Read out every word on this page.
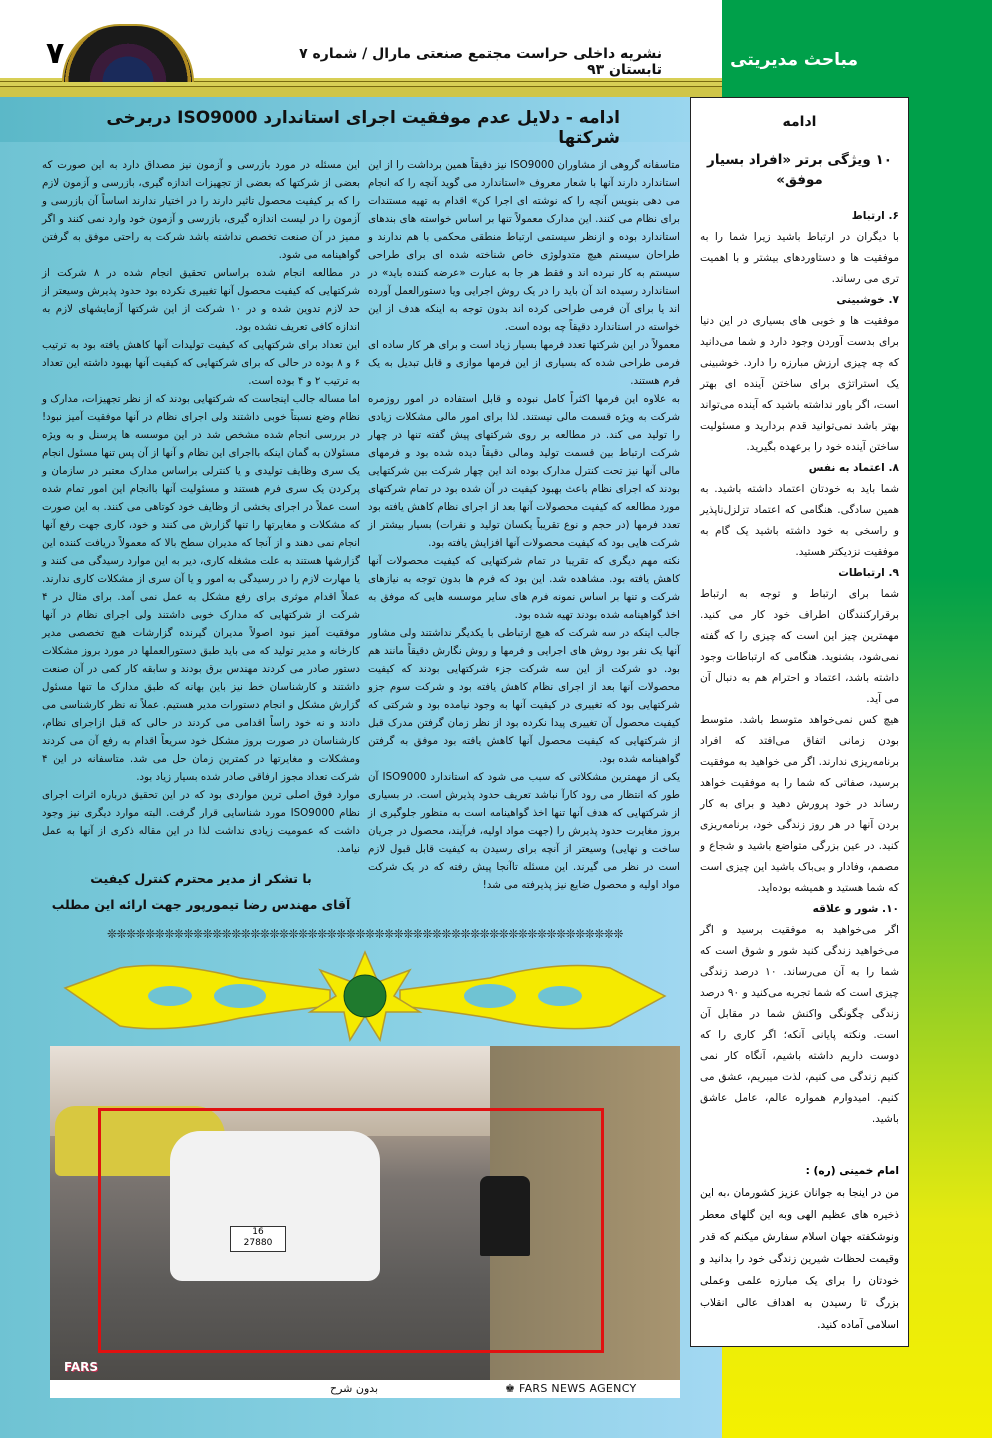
۷	نشریه داخلی حراست مجتمع صنعتی مارال / شماره ۷ تابستان ۹۳	مباحث مدیریتی
ادامه - دلایل عدم موفقیت اجرای استاندارد ISO9000 دربرخی شرکتها

متاسفانه گروهی از مشاوران ISO9000 نیز دقیقاً همین برداشت را از این استاندارد دارند آنها با شعار معروف «استاندارد می گوید آنچه را که انجام می دهی بنویس آنچه را که نوشته ای اجرا کن» اقدام به تهیه مستندات برای نظام می کنند. این مدارک معمولاً تنها بر اساس خواسته های بندهای استاندارد بوده و ازنظر سیستمی ارتباط منطقی محکمی با هم ندارند و طراحان سیستم هیچ متدولوژی خاص شناخته شده ای برای طراحی سیستم به کار نبرده اند و فقط هر جا به عبارت «عرضه کننده باید» در استاندارد رسیده اند آن باید را در یک روش اجرایی ویا دستورالعمل آورده اند یا برای آن فرمی طراحی کرده اند بدون توجه به اینکه هدف از این خواسته در استاندارد دقیقاً چه بوده است.

معمولاً در این شرکتها تعدد فرمها بسیار زیاد است و برای هر کار ساده ای فرمی طراحی شده که بسیاری از این فرمها موازی و قابل تبدیل به یک فرم هستند.

به علاوه این فرمها اکثراً کامل نبوده و قابل استفاده در امور روزمره شرکت به ویژه قسمت مالی نیستند. لذا برای امور مالی مشکلات زیادی را تولید می کند. در مطالعه بر روی شرکتهای پیش گفته تنها در چهار شرکت ارتباط بین قسمت تولید ومالی دقیقاً دیده شده بود و فرمهای مالی آنها نیز تحت کنترل مدارک بوده اند این چهار شرکت بین شرکتهایی بودند که اجرای نظام باعث بهبود کیفیت در آن شده بود در تمام شرکتهای مورد مطالعه که کیفیت محصولات آنها بعد از اجرای نظام کاهش یافته بود تعدد فرمها (در حجم و نوع تقریباً یکسان تولید و نفرات) بسیار بیشتر از شرکت هایی بود که کیفیت محصولات آنها افزایش یافته بود.

نکته مهم دیگری که تقریبا در تمام شرکتهایی که کیفیت محصولات آنها کاهش یافته بود. مشاهده شد. این بود که فرم ها بدون توجه به نیازهای شرکت و تنها بر اساس نمونه فرم های سایر موسسه هایی که موفق به اخذ گواهینامه شده بودند تهیه شده بود.

جالب اینکه در سه شرکت که هیچ ارتباطی با یکدیگر نداشتند ولی مشاور آنها یک نفر بود روش های اجرایی و فرمها و روش نگارش دقیقاً مانند هم بود. دو شرکت از این سه شرکت جزء شرکتهایی بودند که کیفیت محصولات آنها بعد از اجرای نظام کاهش یافته بود و شرکت سوم جزو شرکتهایی بود که تغییری در کیفیت آنها به وجود نیامده بود و شرکتی که کیفیت محصول آن تغییری پیدا نکرده بود از نظر زمان گرفتن مدرک قبل از شرکتهایی که کیفیت محصول آنها کاهش یافته بود موفق به گرفتن گواهینامه شده بود.

یکی از مهمترین مشکلاتی که سبب می شود که استاندارد ISO9000 آن طور که انتظار می رود کارآ نباشد تعریف حدود پذیرش است. در بسیاری از شرکتهایی که هدف آنها تنها اخذ گواهینامه است به منظور جلوگیری از بروز مغایرت حدود پذیرش را (جهت مواد اولیه، فرآیند، محصول در جریان ساخت و نهایی) وسیعتر از آنچه برای رسیدن به کیفیت قابل قبول لازم است در نظر می گیرند. این مسئله تاآنجا پیش رفته که در یک شرکت مواد اولیه و محصول ضایع نیز پذیرفته می شد!

این مسئله در مورد بازرسی و آزمون نیز مصداق دارد به این صورت که بعضی از شرکتها که بعضی از تجهیزات اندازه گیری، بازرسی و آزمون لازم را که بر کیفیت محصول تاثیر دارند را در اختیار ندارند اساساً آن بازرسی و آزمون را در لیست اندازه گیری، بازرسی و آزمون خود وارد نمی کنند و اگر ممیز در آن صنعت تخصص نداشته باشد شرکت به راحتی موفق به گرفتن گواهینامه می شود.

در مطالعه انجام شده براساس تحقیق انجام شده در ۸ شرکت از شرکتهایی که کیفیت محصول آنها تغییری نکرده بود حدود پذیرش وسیعتر از حد لازم تدوین شده و در ۱۰ شرکت از این شرکتها آزمایشهای لازم به اندازه کافی تعریف نشده بود.

این تعداد برای شرکتهایی که کیفیت تولیدات آنها کاهش یافته بود به ترتیب ۶ و ۸ بوده در حالی که برای شرکتهایی که کیفیت آنها بهبود داشته این تعداد به ترتیب ۲ و ۴ بوده است.

اما مساله جالب اینجاست که شرکتهایی بودند که از نظر تجهیزات، مدارک و نظام وضع نسبتاً خوبی داشتند ولی اجرای نظام در آنها موفقیت آمیز نبود! در بررسی انجام شده مشخص شد در این موسسه ها پرسنل و به ویژه مسئولان به گمان اینکه بااجرای این نظام و آنها از آن پس تنها مسئول انجام یک سری وظایف تولیدی و یا کنترلی براساس مدارک معتبر در سازمان و پرکردن یک سری فرم هستند و مسئولیت آنها باانجام این امور تمام شده است عملاً در اجرای بخشی از وظایف خود کوتاهی می کنند. به این صورت که مشکلات و مغایرتها را تنها گزارش می کنند و خود، کاری جهت رفع آنها انجام نمی دهند و از آنجا که مدیران سطح بالا که معمولاً دریافت کننده این گزارشها هستند به علت مشغله کاری، دیر به این موارد رسیدگی می کنند و یا مهارت لازم را در رسیدگی به امور و یا آن سری از مشکلات کاری ندارند. عملاً اقدام موثری برای رفع مشکل به عمل نمی آمد. برای مثال در ۴ شرکت از شرکتهایی که مدارک خوبی داشتند ولی اجرای نظام در آنها موفقیت آمیز نبود اصولاً مدیران گیرنده گزارشات هیچ تخصصی مدیر کارخانه و مدیر تولید که می باید طبق دستورالعملها در مورد بروز مشکلات دستور صادر می کردند مهندس برق بودند و سابقه کار کمی در آن صنعت داشتند و کارشناسان خط نیز باین بهانه که طبق مدارک ما تنها مسئول گزارش مشکل و انجام دستورات مدیر هستیم. عملاً نه نظر کارشناسی می دادند و نه خود راساً اقدامی می کردند در حالی که قبل ازاجرای نظام، کارشناسان در صورت بروز مشکل خود سریعاً اقدام به رفع آن می کردند ومشکلات و مغایرتها در کمترین زمان حل می شد. متاسفانه در این ۴ شرکت تعداد مجوز ارفاقی صادر شده بسیار زیاد بود.

موارد فوق اصلی ترین مواردی بود که در این تحقیق درباره اثرات اجرای نظام ISO9000 مورد شناسایی قرار گرفت. البته موارد دیگری نیز وجود داشت که عمومیت زیادی نداشت لذا در این مقاله ذکری از آنها به عمل نیامد.

با تشکر از مدیر محترم کنترل کیفیت
آقای مهندس رضا تیمورپور جهت ارائه این مطلب
ادامه
۱۰ ویژگی برتر «افراد بسیار موفق»
۶. ارتباط

با دیگران در ارتباط باشید زیرا شما را به موفقیت ها و دستاوردهای بیشتر و با اهمیت تری می رساند.

۷. خوشبینی

موفقیت ها و خوبی های بسیاری در این دنیا برای بدست آوردن وجود دارد و شما می‌دانید که چه چیزی ارزش مبارزه را دارد. خوشبینی یک استراتژی برای ساختن آینده ای بهتر است، اگر باور نداشته باشید که آینده می‌تواند بهتر باشد نمی‌توانید قدم بردارید و مسئولیت ساختن آینده خود را برعهده بگیرید.

۸. اعتماد به نفس

شما باید به خودتان اعتماد داشته باشید. به همین سادگی. هنگامی که اعتماد تزلزل‌ناپذیر و راسخی به خود داشته باشید یک گام به موفقیت نزدیکتر هستید.

۹. ارتباطات

شما برای ارتباط و توجه به ارتباط برقرارکنندگان اطراف خود کار می کنید. مهمترین چیز این است که چیزی را که گفته نمی‌شود، بشنوید. هنگامی که ارتباطات وجود داشته باشد، اعتماد و احترام هم به دنبال آن می آید.

هیچ کس نمی‌خواهد متوسط باشد. متوسط بودن زمانی اتفاق می‌افتد که افراد برنامه‌ریزی ندارند. اگر می خواهید به موفقیت برسید، صفاتی که شما را به موفقیت خواهد رساند در خود پرورش دهید و برای به کار بردن آنها در هر روز زندگی خود، برنامه‌ریزی کنید. در عین بزرگی متواضع باشید و شجاع و مصمم، وفادار و بی‌باک باشید این چیزی است که شما هستید و همیشه بوده‌اید.

۱۰. شور و علاقه

اگر می‌خواهید به موفقیت برسید و اگر می‌خواهید زندگی کنید شور و شوق است که شما را به آن می‌رساند. ۱۰ درصد زندگی چیزی است که شما تجربه می‌کنید و ۹۰ درصد زندگی چگونگی واکنش شما در مقابل آن است. ونکته پایانی آنکه؛ اگر کاری را که دوست داریم داشته باشیم، آنگاه کار نمی کنیم زندگی می کنیم، لذت میبریم، عشق می کنیم. امیدوارم همواره عالم، عامل عاشق باشید.

امام خمینی (ره) :

من در اینجا به جوانان عزیز کشورمان ،به این ذخیره های عظیم الهی وبه این گلهای معطر ونوشکفته جهان اسلام سفارش میکنم که قدر وقیمت لحظات شیرین زندگی خود را بدانید و خودتان را برای یک مبارزه علمی وعملی بزرگ تا رسیدن به اهداف عالی انقلاب اسلامی آماده کنید.

❊❊❊❊❊❊❊❊❊❊❊❊❊❊❊❊❊❊❊❊❊❊❊❊❊❊❊❊❊❊❊❊❊❊❊❊❊❊❊❊❊❊❊❊❊❊❊❊❊❊❊❊❊❊
16
27880
FARS
بدون شرح	♚ FARS NEWS AGENCY
